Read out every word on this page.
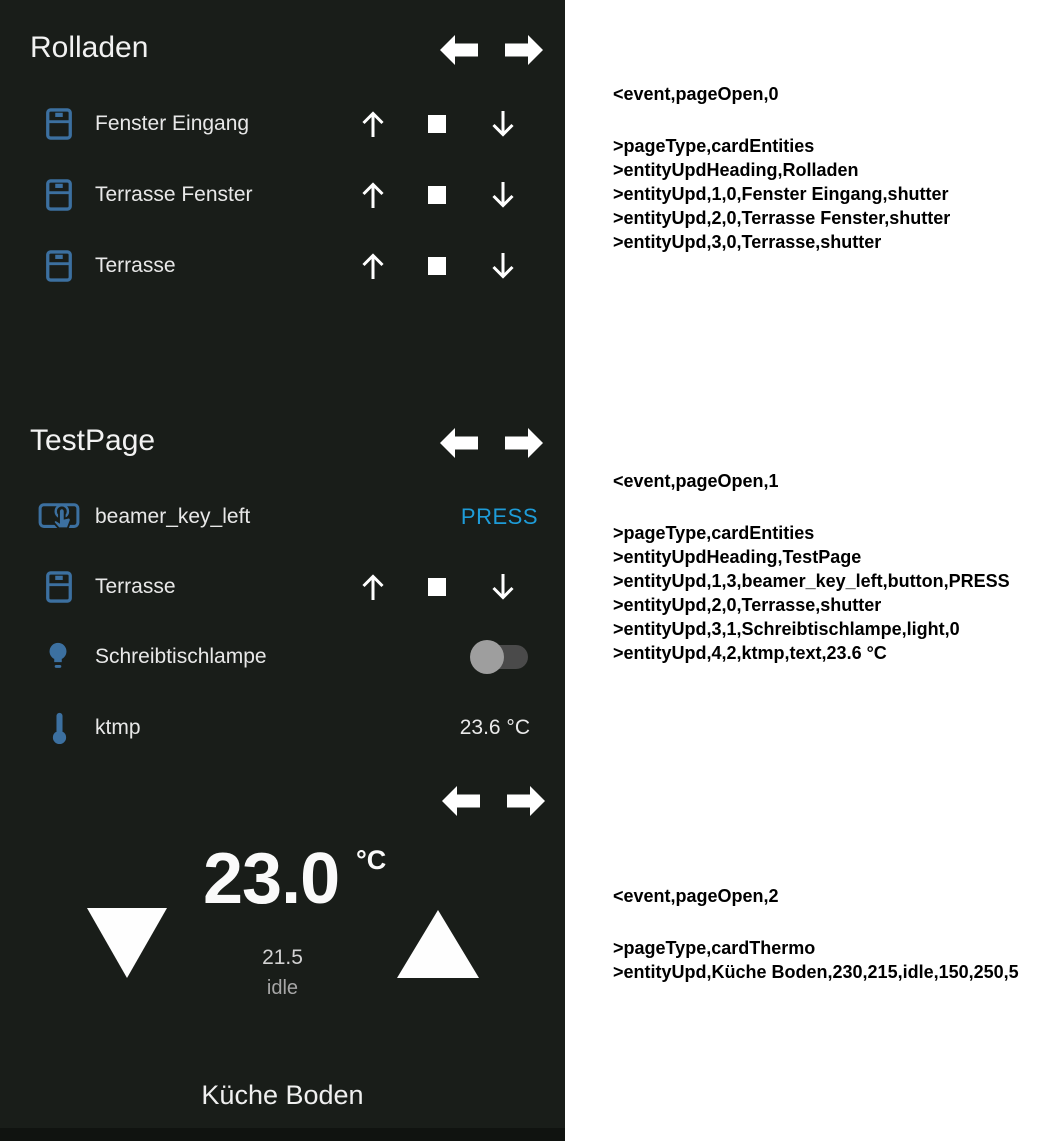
Rolladen
Fenster Eingang
Terrasse Fenster
Terrasse
TestPage
beamer_key_left	PRESS
Terrasse
Schreibtischlampe
ktmp	23.6 °C
23.0 °C
21.5
idle
Küche Boden

<event,pageOpen,0

>pageType,cardEntities
>entityUpdHeading,Rolladen
>entityUpd,1,0,Fenster Eingang,shutter
>entityUpd,2,0,Terrasse Fenster,shutter
>entityUpd,3,0,Terrasse,shutter

<event,pageOpen,1

>pageType,cardEntities
>entityUpdHeading,TestPage
>entityUpd,1,3,beamer_key_left,button,PRESS
>entityUpd,2,0,Terrasse,shutter
>entityUpd,3,1,Schreibtischlampe,light,0
>entityUpd,4,2,ktmp,text,23.6 °C

<event,pageOpen,2

>pageType,cardThermo
>entityUpd,Küche Boden,230,215,idle,150,250,5
